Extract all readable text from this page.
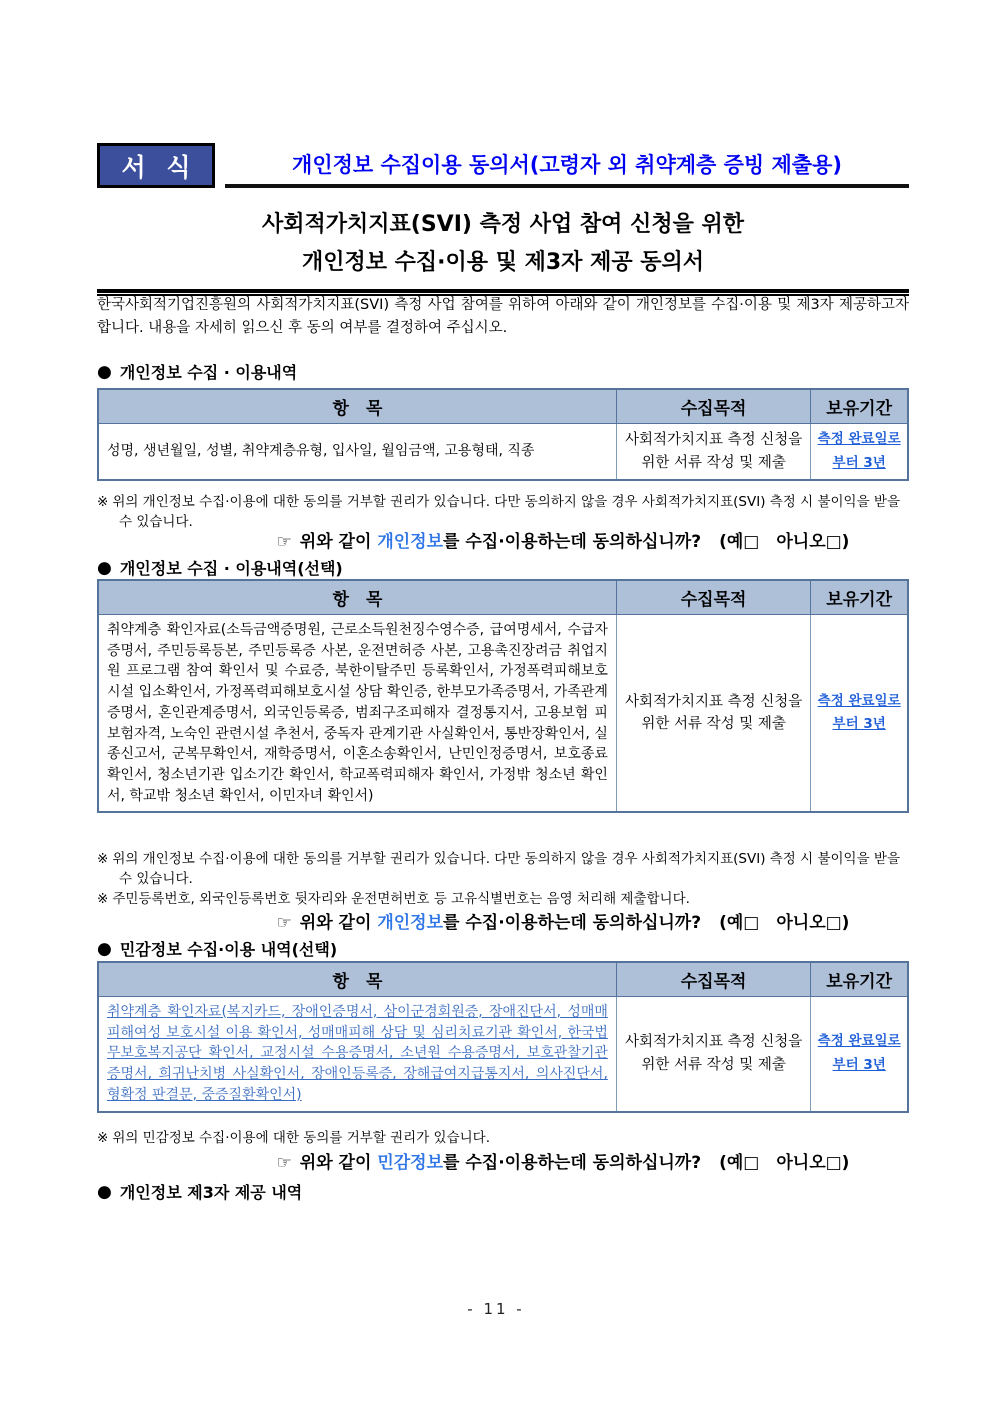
서 식	개인정보 수집이용 동의서(고령자 외 취약계층 증빙 제출용)
사회적가치지표(SVI) 측정 사업 참여 신청을 위한
개인정보 수집·이용 및 제3자 제공 동의서
한국사회적기업진흥원의 사회적가치지표(SVI) 측정 사업 참여를 위하여 아래와 같이 개인정보를 수집·이용 및 제3자 제공하고자 합니다. 내용을 자세히 읽으신 후 동의 여부를 결정하여 주십시오.
● 개인정보 수집 · 이용내역
항　목	수집목적	보유기간
성명, 생년월일, 성별, 취약계층유형, 입사일, 월임금액, 고용형태, 직종	사회적가치지표 측정 신청을 위한 서류 작성 및 제출	측정 완료일로부터 3년
※ 위의 개인정보 수집·이용에 대한 동의를 거부할 권리가 있습니다. 다만 동의하지 않을 경우 사회적가치지표(SVI) 측정 시 불이익을 받을 수 있습니다.
☞ 위와 같이 개인정보를 수집·이용하는데 동의하십니까? (예□　아니오□)
● 개인정보 수집 · 이용내역(선택)
항　목	수집목적	보유기간
취약계층 확인자료(소득금액증명원, 근로소득원천징수영수증, 급여명세서, 수급자증명서, 주민등록등본, 주민등록증 사본, 운전면허증 사본, 고용촉진장려금 취업지원 프로그램 참여 확인서 및 수료증, 북한이탈주민 등록확인서, 가정폭력피해보호시설 입소확인서, 가정폭력피해보호시설 상담 확인증, 한부모가족증명서, 가족관계증명서, 혼인관계증명서, 외국인등록증, 범죄구조피해자 결정통지서, 고용보험 피보험자격, 노숙인 관련시설 추천서, 중독자 관계기관 사실확인서, 통반장확인서, 실종신고서, 군복무확인서, 재학증명서, 이혼소송확인서, 난민인정증명서, 보호종료확인서, 청소년기관 입소기간 확인서, 학교폭력피해자 확인서, 가정밖 청소년 확인서, 학교밖 청소년 확인서, 이민자녀 확인서)	사회적가치지표 측정 신청을 위한 서류 작성 및 제출	측정 완료일로부터 3년
※ 위의 개인정보 수집·이용에 대한 동의를 거부할 권리가 있습니다. 다만 동의하지 않을 경우 사회적가치지표(SVI) 측정 시 불이익을 받을 수 있습니다.
※ 주민등록번호, 외국인등록번호 뒷자리와 운전면허번호 등 고유식별번호는 음영 처리해 제출합니다.
☞ 위와 같이 개인정보를 수집·이용하는데 동의하십니까? (예□　아니오□)
● 민감정보 수집·이용 내역(선택)
항　목	수집목적	보유기간
취약계층 확인자료(복지카드, 장애인증명서, 삼이군경회원증, 장애진단서, 성매매피해여성 보호시설 이용 확인서, 성매매피해 상담 및 심리치료기관 확인서, 한국법무보호복지공단 확인서, 교정시설 수용증명서, 소년원 수용증명서, 보호관찰기관 증명서, 희귀난치병 사실확인서, 장애인등록증, 장해급여지급통지서, 의사진단서, 형확정 판결문, 중증질환확인서)	사회적가치지표 측정 신청을 위한 서류 작성 및 제출	측정 완료일로부터 3년
※ 위의 민감정보 수집·이용에 대한 동의를 거부할 권리가 있습니다.
☞ 위와 같이 민감정보를 수집·이용하는데 동의하십니까? (예□　아니오□)
● 개인정보 제3자 제공 내역
- 11 -
